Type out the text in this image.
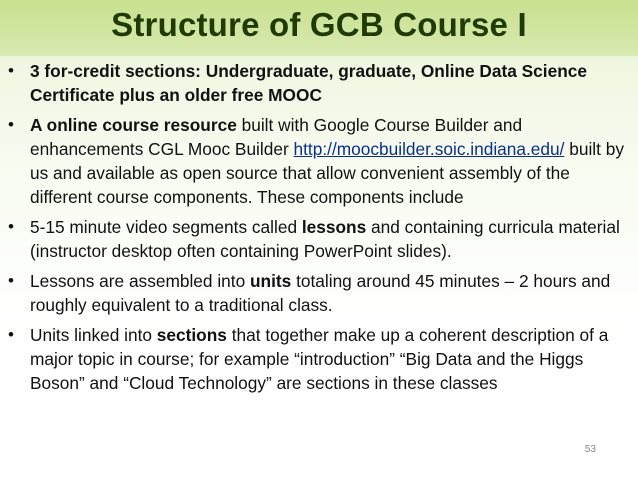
Structure of GCB Course I
• 3 for-credit sections: Undergraduate, graduate, Online Data Science Certificate plus an older free MOOC
• A online course resource built with Google Course Builder and enhancements CGL Mooc Builder http://moocbuilder.soic.indiana.edu/ built by us and available as open source that allow convenient assembly of the different course components. These components include
• 5-15 minute video segments called lessons and containing curricula material (instructor desktop often containing PowerPoint slides).
• Lessons are assembled into units totaling around 45 minutes – 2 hours and roughly equivalent to a traditional class.
• Units linked into sections that together make up a coherent description of a major topic in course; for example “introduction” “Big Data and the Higgs Boson” and “Cloud Technology” are sections in these classes
53
